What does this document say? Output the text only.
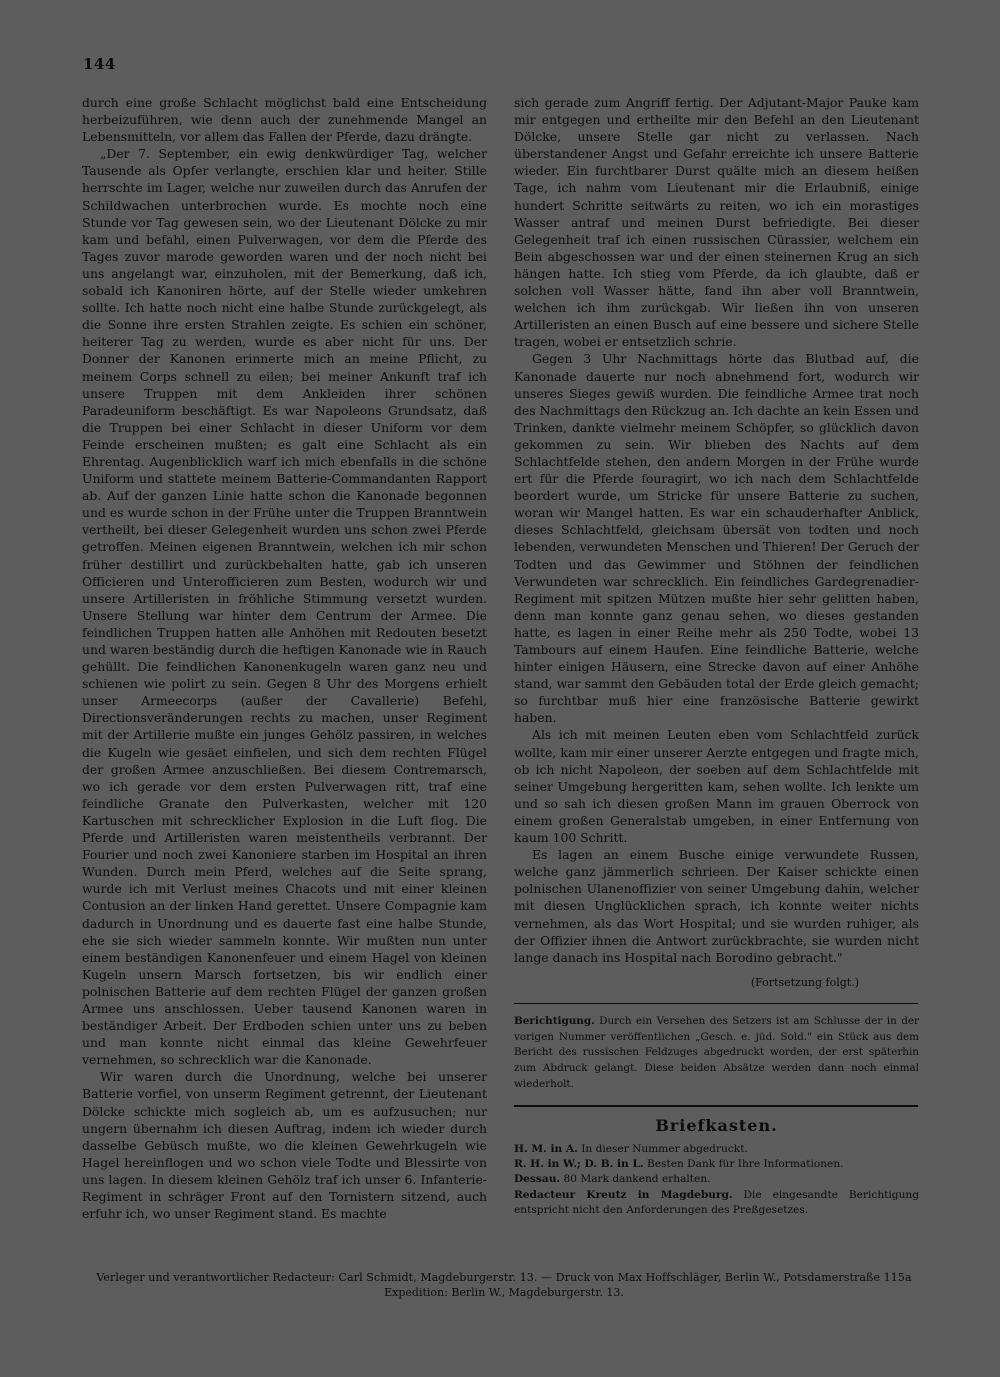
144

durch eine große Schlacht möglichst bald eine Entscheidung herbeizuführen, wie denn auch der zunehmende Mangel an Lebensmitteln, vor allem das Fallen der Pferde, dazu drängte.

„Der 7. September, ein ewig denkwürdiger Tag, welcher Tausende als Opfer verlangte, erschien klar und heiter. Stille herrschte im Lager, welche nur zuweilen durch das Anrufen der Schildwachen unterbrochen wurde. Es mochte noch eine Stunde vor Tag gewesen sein, wo der Lieutenant Dölcke zu mir kam und befahl, einen Pulverwagen, vor dem die Pferde des Tages zuvor marode geworden waren und der noch nicht bei uns angelangt war, einzuholen, mit der Bemerkung, daß ich, sobald ich Kanoniren hörte, auf der Stelle wieder umkehren sollte. Ich hatte noch nicht eine halbe Stunde zurückgelegt, als die Sonne ihre ersten Strahlen zeigte. Es schien ein schöner, heiterer Tag zu werden, wurde es aber nicht für uns. Der Donner der Kanonen erinnerte mich an meine Pflicht, zu meinem Corps schnell zu eilen; bei meiner Ankunft traf ich unsere Truppen mit dem Ankleiden ihrer schönen Paradeuniform beschäftigt. Es war Napoleons Grundsatz, daß die Truppen bei einer Schlacht in dieser Uniform vor dem Feinde erscheinen mußten; es galt eine Schlacht als ein Ehrentag. Augenblicklich warf ich mich ebenfalls in die schöne Uniform und stattete meinem Batterie-Commandanten Rapport ab. Auf der ganzen Linie hatte schon die Kanonade begonnen und es wurde schon in der Frühe unter die Truppen Branntwein vertheilt, bei dieser Gelegenheit wurden uns schon zwei Pferde getroffen. Meinen eigenen Branntwein, welchen ich mir schon früher destillirt und zurückbehalten hatte, gab ich unseren Officieren und Unterofficieren zum Besten, wodurch wir und unsere Artilleristen in fröhliche Stimmung versetzt wurden. Unsere Stellung war hinter dem Centrum der Armee. Die feindlichen Truppen hatten alle Anhöhen mit Redouten besetzt und waren beständig durch die heftigen Kanonade wie in Rauch gehüllt. Die feindlichen Kanonenkugeln waren ganz neu und schienen wie polirt zu sein. Gegen 8 Uhr des Morgens erhielt unser Armeecorps (außer der Cavallerie) Befehl, Directionsveränderungen rechts zu machen, unser Regiment mit der Artillerie mußte ein junges Gehölz passiren, in welches die Kugeln wie gesäet einfielen, und sich dem rechten Flügel der großen Armee anzuschließen. Bei diesem Contremarsch, wo ich gerade vor dem ersten Pulverwagen ritt, traf eine feindliche Granate den Pulverkasten, welcher mit 120 Kartuschen mit schrecklicher Explosion in die Luft flog. Die Pferde und Artilleristen waren meistentheils verbrannt. Der Fourier und noch zwei Kanoniere starben im Hospital an ihren Wunden. Durch mein Pferd, welches auf die Seite sprang, wurde ich mit Verlust meines Chacots und mit einer kleinen Contusion an der linken Hand gerettet. Unsere Compagnie kam dadurch in Unordnung und es dauerte fast eine halbe Stunde, ehe sie sich wieder sammeln konnte. Wir mußten nun unter einem beständigen Kanonenfeuer und einem Hagel von kleinen Kugeln unsern Marsch fortsetzen, bis wir endlich einer polnischen Batterie auf dem rechten Flügel der ganzen großen Armee uns anschlossen. Ueber tausend Kanonen waren in beständiger Arbeit. Der Erdboden schien unter uns zu beben und man konnte nicht einmal das kleine Gewehrfeuer vernehmen, so schrecklich war die Kanonade.

Wir waren durch die Unordnung, welche bei unserer Batterie vorfiel, von unserm Regiment getrennt, der Lieutenant Dölcke schickte mich sogleich ab, um es aufzusuchen; nur ungern übernahm ich diesen Auftrag, indem ich wieder durch dasselbe Gebüsch mußte, wo die kleinen Gewehrkugeln wie Hagel hereinflogen und wo schon viele Todte und Blessirte von uns lagen. In diesem kleinen Gehölz traf ich unser 6. Infanterie-Regiment in schräger Front auf den Tornistern sitzend, auch erfuhr ich, wo unser Regiment stand. Es machte

sich gerade zum Angriff fertig. Der Adjutant-Major Pauke kam mir entgegen und ertheilte mir den Befehl an den Lieutenant Dölcke, unsere Stelle gar nicht zu verlassen. Nach überstandener Angst und Gefahr erreichte ich unsere Batterie wieder. Ein furchtbarer Durst quälte mich an diesem heißen Tage, ich nahm vom Lieutenant mir die Erlaubniß, einige hundert Schritte seitwärts zu reiten, wo ich ein morastiges Wasser antraf und meinen Durst befriedigte. Bei dieser Gelegenheit traf ich einen russischen Cürassier, welchem ein Bein abgeschossen war und der einen steinernen Krug an sich hängen hatte. Ich stieg vom Pferde, da ich glaubte, daß er solchen voll Wasser hätte, fand ihn aber voll Branntwein, welchen ich ihm zurückgab. Wir ließen ihn von unseren Artilleristen an einen Busch auf eine bessere und sichere Stelle tragen, wobei er entsetzlich schrie.

Gegen 3 Uhr Nachmittags hörte das Blutbad auf, die Kanonade dauerte nur noch abnehmend fort, wodurch wir unseres Sieges gewiß wurden. Die feindliche Armee trat noch des Nachmittags den Rückzug an. Ich dachte an kein Essen und Trinken, dankte vielmehr meinem Schöpfer, so glücklich davon gekommen zu sein. Wir blieben des Nachts auf dem Schlachtfelde stehen, den andern Morgen in der Frühe wurde ert für die Pferde fouragirt, wo ich nach dem Schlachtfelde beordert wurde, um Stricke für unsere Batterie zu suchen, woran wir Mangel hatten. Es war ein schauderhafter Anblick, dieses Schlachtfeld, gleichsam übersät von todten und noch lebenden, verwundeten Menschen und Thieren! Der Geruch der Todten und das Gewimmer und Stöhnen der feindlichen Verwundeten war schrecklich. Ein feindliches Gardegrenadier-Regiment mit spitzen Mützen mußte hier sehr gelitten haben, denn man konnte ganz genau sehen, wo dieses gestanden hatte, es lagen in einer Reihe mehr als 250 Todte, wobei 13 Tambours auf einem Haufen. Eine feindliche Batterie, welche hinter einigen Häusern, eine Strecke davon auf einer Anhöhe stand, war sammt den Gebäuden total der Erde gleich gemacht; so furchtbar muß hier eine französische Batterie gewirkt haben.

Als ich mit meinen Leuten eben vom Schlachtfeld zurück wollte, kam mir einer unserer Aerzte entgegen und fragte mich, ob ich nicht Napoleon, der soeben auf dem Schlachtfelde mit seiner Umgebung hergeritten kam, sehen wollte. Ich lenkte um und so sah ich diesen großen Mann im grauen Oberrock von einem großen Generalstab umgeben, in einer Entfernung von kaum 100 Schritt.

Es lagen an einem Busche einige verwundete Russen, welche ganz jämmerlich schrieen. Der Kaiser schickte einen polnischen Ulanenoffizier von seiner Umgebung dahin, welcher mit diesen Unglücklichen sprach, ich konnte weiter nichts vernehmen, als das Wort Hospital; und sie wurden ruhiger, als der Offizier ihnen die Antwort zurückbrachte, sie wurden nicht lange danach ins Hospital nach Borodino gebracht."

(Fortsetzung folgt.)

Berichtigung. Durch ein Versehen des Setzers ist am Schlusse der in der vorigen Nummer veröffentlichen „Gesch. e. jüd. Sold." ein Stück aus dem Bericht des russischen Feldzuges abgedruckt worden, der erst späterhin zum Abdruck gelangt. Diese beiden Absätze werden dann noch einmal wiederholt.

Briefkasten.

H. M. in A. In dieser Nummer abgedruckt.

R. H. in W.; D. B. in L. Besten Dank für Ihre Informationen.

Dessau. 80 Mark dankend erhalten.

Redacteur Kreutz in Magdeburg. Die eingesandte Berichtigung entspricht nicht den Anforderungen des Preßgesetzes.

Verleger und verantwortlicher Redacteur: Carl Schmidt, Magdeburgerstr. 13. — Druck von Max Hoffschläger, Berlin W., Potsdamerstraße 115a
Expedition: Berlin W., Magdeburgerstr. 13.
